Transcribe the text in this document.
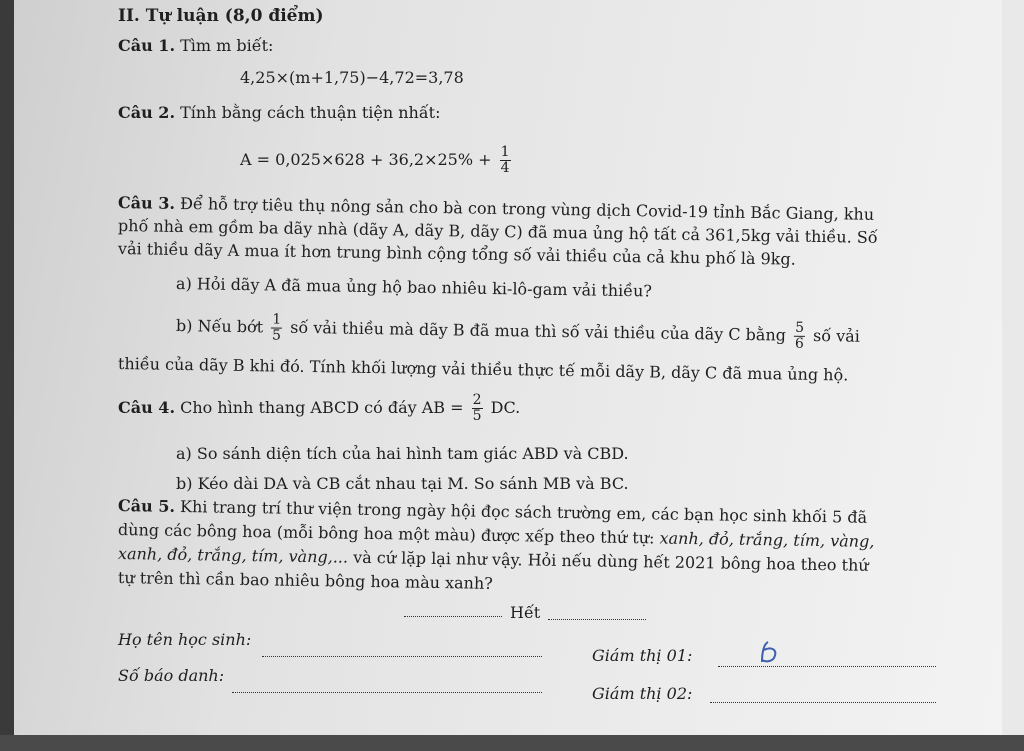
II. Tự luận (8,0 điểm)
Câu 1. Tìm m biết:
4,25×(m+1,75)−4,72=3,78
Câu 2. Tính bằng cách thuận tiện nhất:
$A = 0,025\times 628 + 36,2\times 25\% + \frac{1}{4}$
Câu 3. Để hỗ trợ tiêu thụ nông sản cho bà con trong vùng dịch Covid-19 tỉnh Bắc Giang, khu
phố nhà em gồm ba dãy nhà (dãy A, dãy B, dãy C) đã mua ủng hộ tất cả 361,5kg vải thiều. Số
vải thiều dãy A mua ít hơn trung bình cộng tổng số vải thiều của cả khu phố là 9kg.
a) Hỏi dãy A đã mua ủng hộ bao nhiêu ki-lô-gam vải thiều?
b) Nếu bớt $\frac{1}{5}$ số vải thiều mà dãy B đã mua thì số vải thiều của dãy C bằng $\frac{5}{6}$ số vải
thiều của dãy B khi đó. Tính khối lượng vải thiều thực tế mỗi dãy B, dãy C đã mua ủng hộ.
Câu 4. Cho hình thang ABCD có đáy AB = $\frac{2}{5}$ DC.
a) So sánh diện tích của hai hình tam giác ABD và CBD.
b) Kéo dài DA và CB cắt nhau tại M. So sánh MB và BC.
Câu 5. Khi trang trí thư viện trong ngày hội đọc sách trường em, các bạn học sinh khối 5 đã
dùng các bông hoa (mỗi bông hoa một màu) được xếp theo thứ tự: xanh, đỏ, trắng, tím, vàng,
xanh, đỏ, trắng, tím, vàng,... và cứ lặp lại như vậy. Hỏi nếu dùng hết 2021 bông hoa theo thứ
tự trên thì cần bao nhiêu bông hoa màu xanh?
Hết
Họ tên học sinh:
Số báo danh:
Giám thị 01:
Giám thị 02:
